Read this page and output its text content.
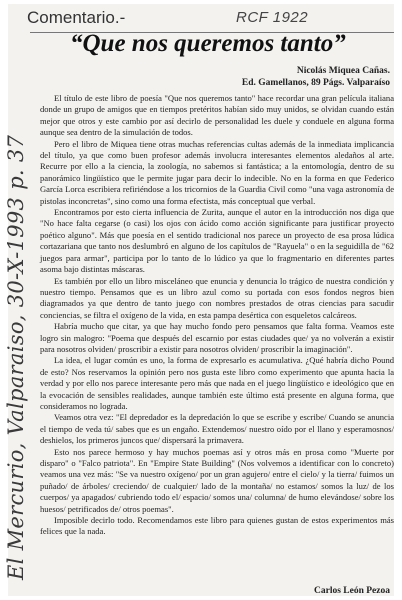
Comentario.-	RCF 1922
“Que nos queremos tanto”
Nicolás Miquea Cañas.
Ed. Gamellanos, 89 Págs. Valparaíso
El Mercurio, Valparaiso, 30-X-1993 p. 37

El título de este libro de poesía "Que nos queremos tanto" hace recordar una gran película italiana donde un grupo de amigos que en tiempos pretéritos habían sido muy unidos, se olvidan cuando están mejor que otros y este cambio por así decirlo de personalidad les duele y conduele en alguna forma aunque sea dentro de la simulación de todos.

Pero el libro de Miquea tiene otras muchas referencias cultas además de la inmediata implicancia del título, ya que como buen profesor además involucra interesantes elementos aledaños al arte. Recurre por ello a la ciencia, la zoología, no sabemos si fantástica; a la entomología, dentro de su panorámico lingüístico que le permite jugar para decir lo indecible. No en la forma en que Federico García Lorca escribiera refiriéndose a los tricornios de la Guardia Civil como "una vaga astronomía de pistolas inconcretas", sino como una forma efectista, más conceptual que verbal.

Encontramos por esto cierta influencia de Zurita, aunque el autor en la introducción nos diga que "No hace falta cegarse (o casi) los ojos con ácido como acción significante para justificar proyecto poético alguno". Más que poesía en el sentido tradicional nos parece un proyecto de esa prosa lúdica cortazariana que tanto nos deslumbró en alguno de los capítulos de "Rayuela" o en la seguidilla de "62 juegos para armar", participa por lo tanto de lo lúdico ya que lo fragmentario en diferentes partes asoma bajo distintas máscaras.

Es también por ello un libro misceláneo que enuncia y denuncia lo trágico de nuestra condición y nuestro tiempo. Pensamos que es un libro azul como su portada con esos fondos negros bien diagramados ya que dentro de tanto juego con nombres prestados de otras ciencias para sacudir conciencias, se filtra el oxígeno de la vida, en esta pampa desértica con esqueletos calcáreos.

Habría mucho que citar, ya que hay mucho fondo pero pensamos que falta forma. Veamos este logro sin malogro: "Poema que después del escarnio por estas ciudades que/ ya no volverán a existir para nosotros olviden/ proscribir a existir para nosotros olviden/ proscribir la imaginación".

La idea, el lugar común es uno, la forma de expresarlo es acumulativa. ¿Qué habría dicho Pound de esto? Nos reservamos la opinión pero nos gusta este libro como experimento que apunta hacia la verdad y por ello nos parece interesante pero más que nada en el juego lingüístico e ideológico que en la evocación de sensibles realidades, aunque también este último está presente en alguna forma, que consideramos no lograda.

Veamos otra vez: "El depredador es la depredación lo que se escribe y escribe/ Cuando se anuncia el tiempo de veda tú/ sabes que es un engaño. Extendemos/ nuestro oído por el llano y esperamosnos/ deshielos, los primeros juncos que/ dispersará la primavera.

Esto nos parece hermoso y hay muchos poemas así y otros más en prosa como "Muerte por disparo" o "Falco patriota". En "Empire State Building" (Nos volvemos a identificar con lo concreto) veamos una vez más: "Se va nuestro oxígeno/ por un gran agujero/ entre el cielo/ y la tierra/ fuimos un puñado/ de árboles/ creciendo/ de cualquier/ lado de la montaña/ no estamos/ somos la luz/ de los cuerpos/ ya apagados/ cubriendo todo el/ espacio/ somos una/ columna/ de humo elevándose/ sobre los huesos/ petrificados de/ otros poemas".

Imposible decirlo todo. Recomendamos este libro para quienes gustan de estos experimentos más felices que la nada.

Carlos León Pezoa
